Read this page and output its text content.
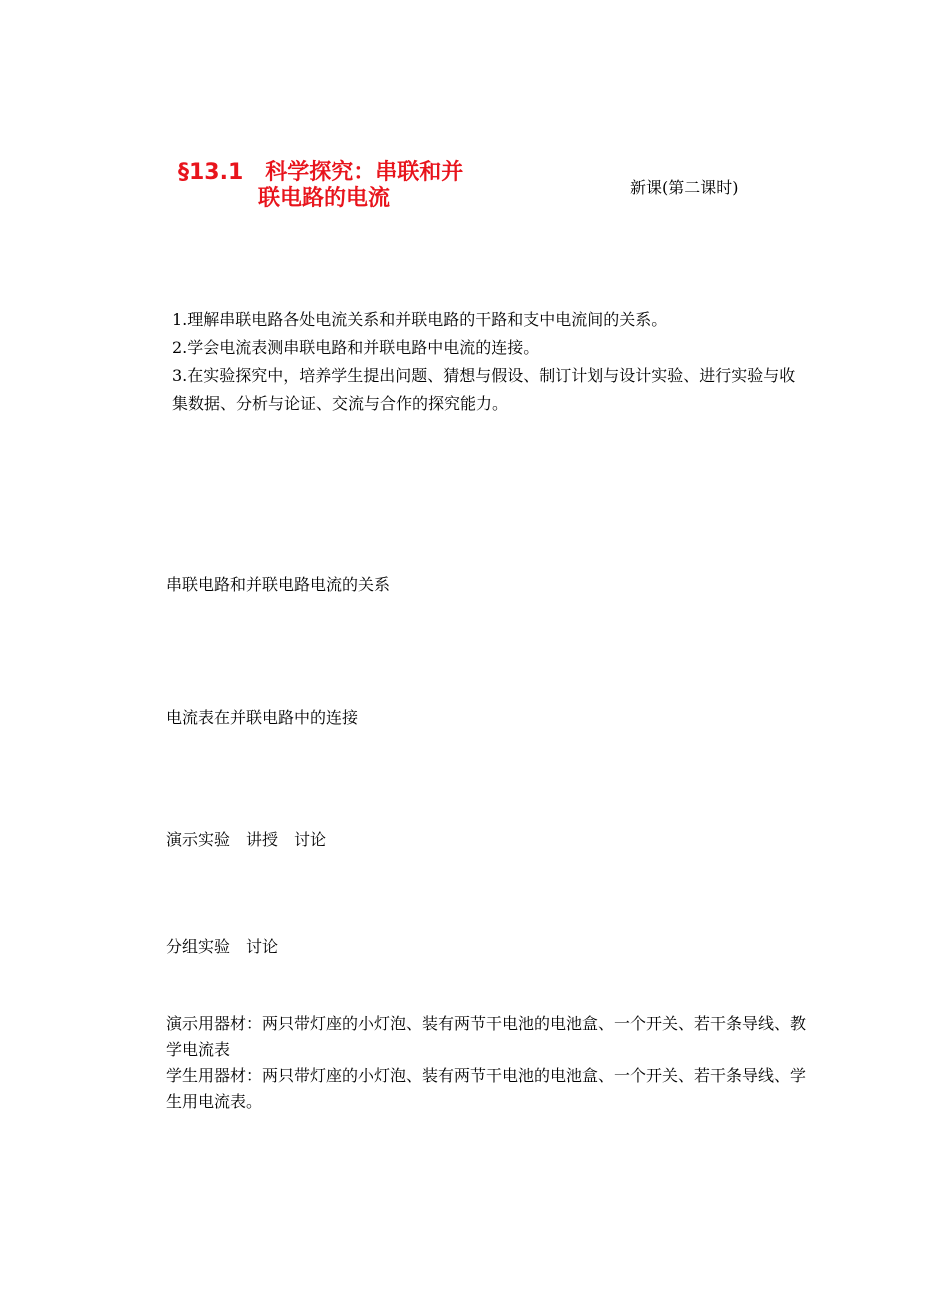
§13.1　科学探究：串联和并
联电路的电流	新课(第二课时)
1.理解串联电路各处电流关系和并联电路的干路和支中电流间的关系。
2.学会电流表测串联电路和并联电路中电流的连接。
3.在实验探究中，培养学生提出问题、猜想与假设、制订计划与设计实验、进行实验与收集数据、分析与论证、交流与合作的探究能力。
串联电路和并联电路电流的关系
电流表在并联电路中的连接
演示实验　讲授　讨论
分组实验　讨论
演示用器材：两只带灯座的小灯泡、装有两节干电池的电池盒、一个开关、若干条导线、教学电流表
学生用器材：两只带灯座的小灯泡、装有两节干电池的电池盒、一个开关、若干条导线、学生用电流表。
